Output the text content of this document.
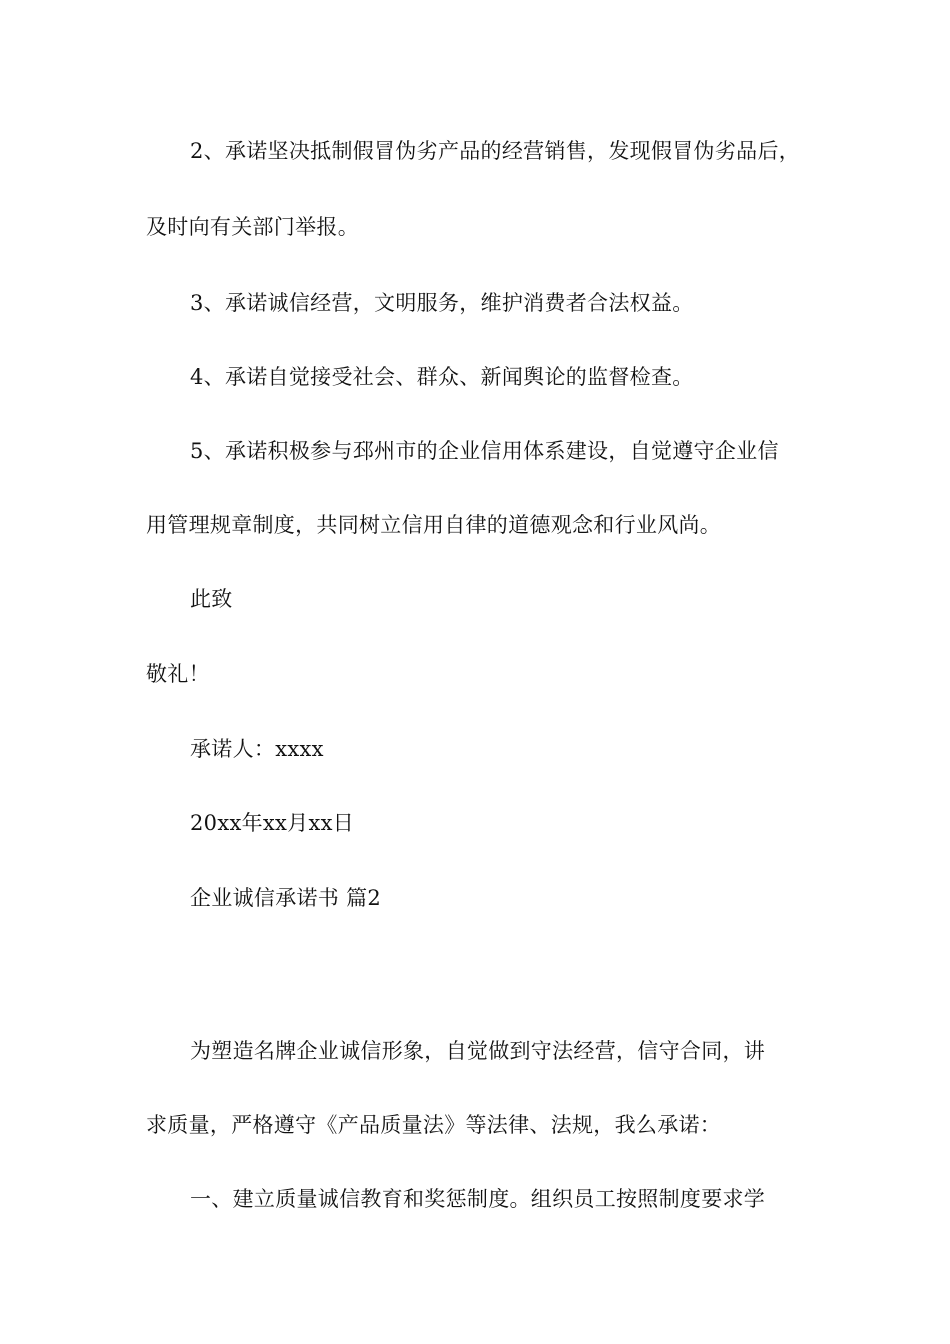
2、承诺坚决抵制假冒伪劣产品的经营销售，发现假冒伪劣品后，
及时向有关部门举报。
3、承诺诚信经营，文明服务，维护消费者合法权益。
4、承诺自觉接受社会、群众、新闻舆论的监督检查。
5、承诺积极参与邳州市的企业信用体系建设，自觉遵守企业信
用管理规章制度，共同树立信用自律的道德观念和行业风尚。
此致
敬礼！
承诺人：xxxx
20xx年xx月xx日
企业诚信承诺书 篇2
为塑造名牌企业诚信形象，自觉做到守法经营，信守合同，讲
求质量，严格遵守《产品质量法》等法律、法规，我么承诺：
一、建立质量诚信教育和奖惩制度。组织员工按照制度要求学
